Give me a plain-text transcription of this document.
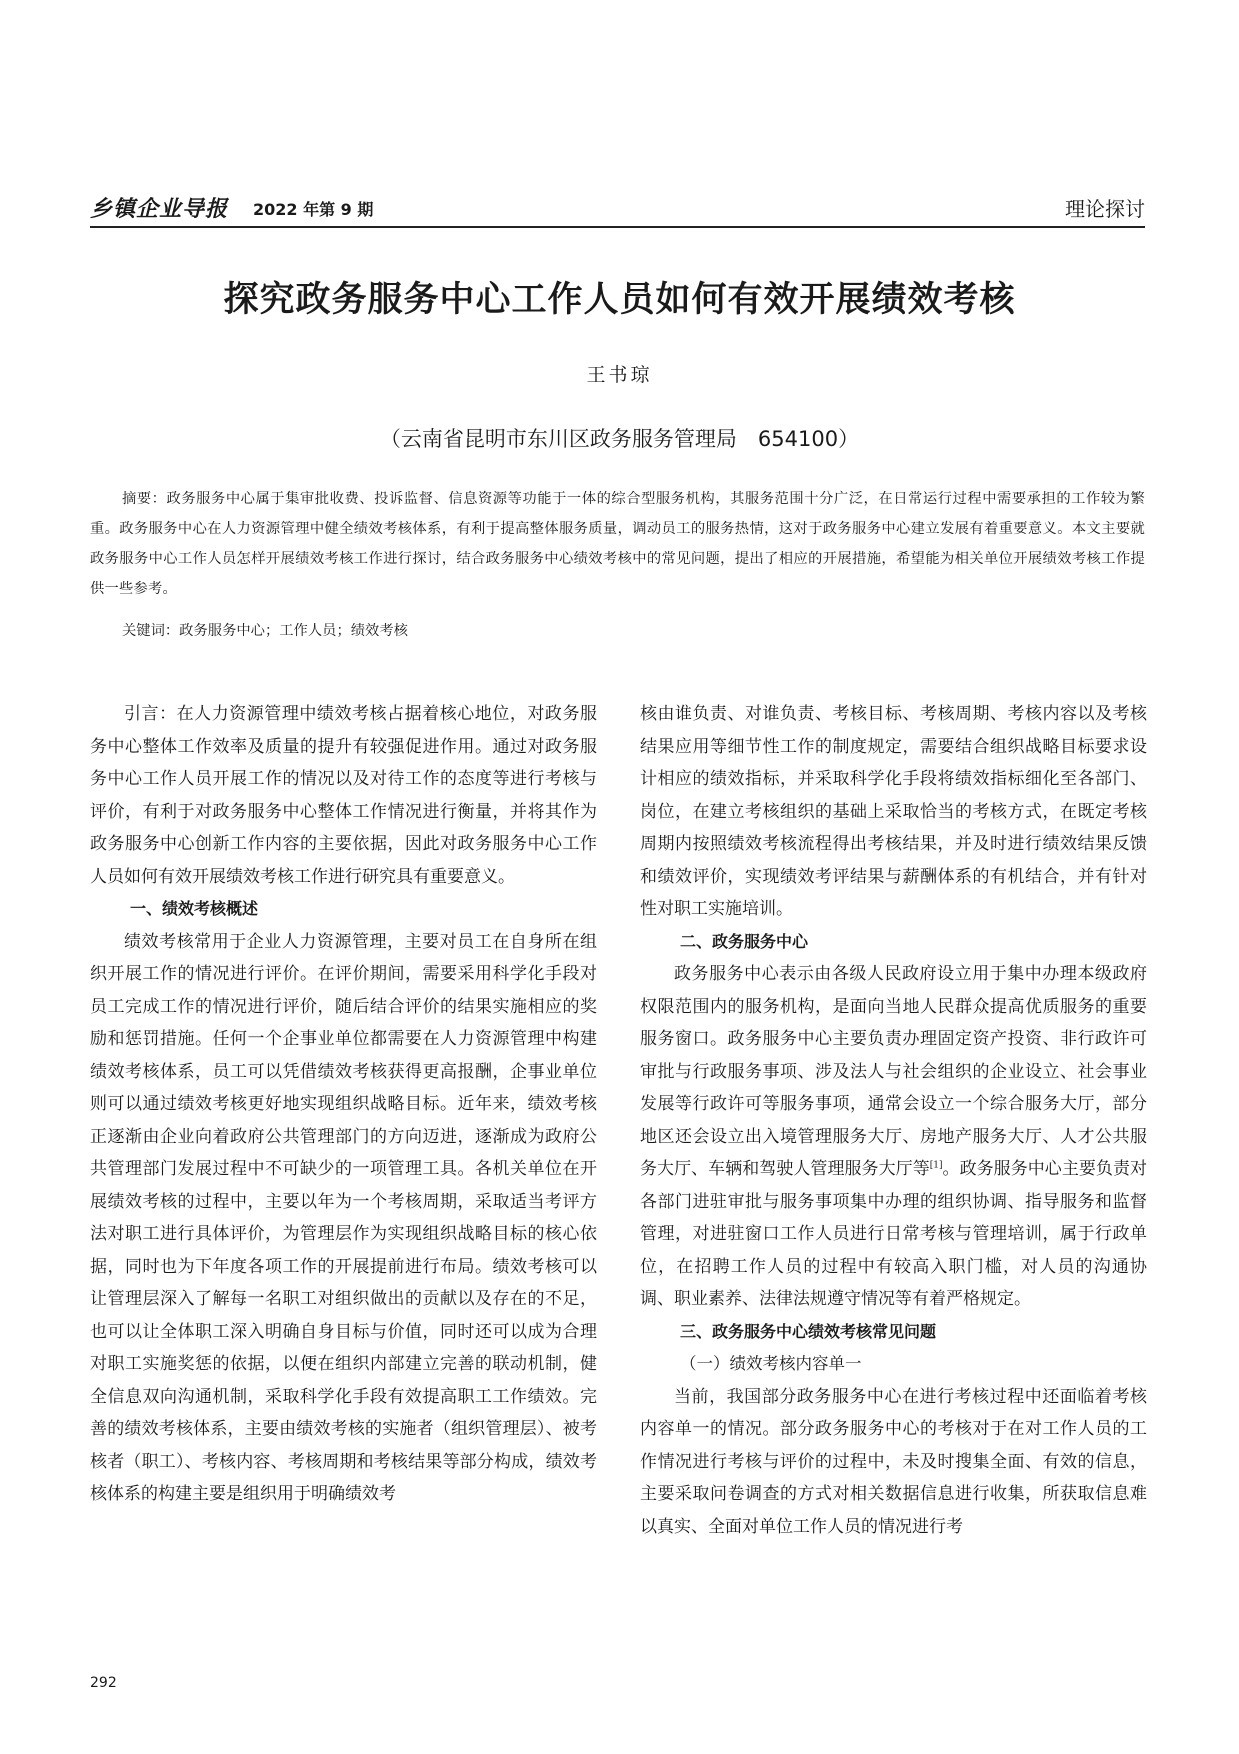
乡镇企业导报 2022 年第 9 期	理论探讨
探究政务服务中心工作人员如何有效开展绩效考核
王书琼
（云南省昆明市东川区政务服务管理局　654100）
摘要：政务服务中心属于集审批收费、投诉监督、信息资源等功能于一体的综合型服务机构，其服务范围十分广泛，在日常运行过程中需要承担的工作较为繁重。政务服务中心在人力资源管理中健全绩效考核体系，有利于提高整体服务质量，调动员工的服务热情，这对于政务服务中心建立发展有着重要意义。本文主要就政务服务中心工作人员怎样开展绩效考核工作进行探讨，结合政务服务中心绩效考核中的常见问题，提出了相应的开展措施，希望能为相关单位开展绩效考核工作提供一些参考。
关键词：政务服务中心；工作人员；绩效考核

引言：在人力资源管理中绩效考核占据着核心地位，对政务服务中心整体工作效率及质量的提升有较强促进作用。通过对政务服务中心工作人员开展工作的情况以及对待工作的态度等进行考核与评价，有利于对政务服务中心整体工作情况进行衡量，并将其作为政务服务中心创新工作内容的主要依据，因此对政务服务中心工作人员如何有效开展绩效考核工作进行研究具有重要意义。

一、绩效考核概述

绩效考核常用于企业人力资源管理，主要对员工在自身所在组织开展工作的情况进行评价。在评价期间，需要采用科学化手段对员工完成工作的情况进行评价，随后结合评价的结果实施相应的奖励和惩罚措施。任何一个企事业单位都需要在人力资源管理中构建绩效考核体系，员工可以凭借绩效考核获得更高报酬，企事业单位则可以通过绩效考核更好地实现组织战略目标。近年来，绩效考核正逐渐由企业向着政府公共管理部门的方向迈进，逐渐成为政府公共管理部门发展过程中不可缺少的一项管理工具。各机关单位在开展绩效考核的过程中，主要以年为一个考核周期，采取适当考评方法对职工进行具体评价，为管理层作为实现组织战略目标的核心依据，同时也为下年度各项工作的开展提前进行布局。绩效考核可以让管理层深入了解每一名职工对组织做出的贡献以及存在的不足，也可以让全体职工深入明确自身目标与价值，同时还可以成为合理对职工实施奖惩的依据，以便在组织内部建立完善的联动机制，健全信息双向沟通机制，采取科学化手段有效提高职工工作绩效。完善的绩效考核体系，主要由绩效考核的实施者（组织管理层）、被考核者（职工）、考核内容、考核周期和考核结果等部分构成，绩效考核体系的构建主要是组织用于明确绩效考

核由谁负责、对谁负责、考核目标、考核周期、考核内容以及考核结果应用等细节性工作的制度规定，需要结合组织战略目标要求设计相应的绩效指标，并采取科学化手段将绩效指标细化至各部门、岗位，在建立考核组织的基础上采取恰当的考核方式，在既定考核周期内按照绩效考核流程得出考核结果，并及时进行绩效结果反馈和绩效评价，实现绩效考评结果与薪酬体系的有机结合，并有针对性对职工实施培训。

二、政务服务中心

政务服务中心表示由各级人民政府设立用于集中办理本级政府权限范围内的服务机构，是面向当地人民群众提高优质服务的重要服务窗口。政务服务中心主要负责办理固定资产投资、非行政许可审批与行政服务事项、涉及法人与社会组织的企业设立、社会事业发展等行政许可等服务事项，通常会设立一个综合服务大厅，部分地区还会设立出入境管理服务大厅、房地产服务大厅、人才公共服务大厅、车辆和驾驶人管理服务大厅等[1]。政务服务中心主要负责对各部门进驻审批与服务事项集中办理的组织协调、指导服务和监督管理，对进驻窗口工作人员进行日常考核与管理培训，属于行政单位，在招聘工作人员的过程中有较高入职门槛，对人员的沟通协调、职业素养、法律法规遵守情况等有着严格规定。

三、政务服务中心绩效考核常见问题
（一）绩效考核内容单一

当前，我国部分政务服务中心在进行考核过程中还面临着考核内容单一的情况。部分政务服务中心的考核对于在对工作人员的工作情况进行考核与评价的过程中，未及时搜集全面、有效的信息，主要采取问卷调查的方式对相关数据信息进行收集，所获取信息难以真实、全面对单位工作人员的情况进行考

292
